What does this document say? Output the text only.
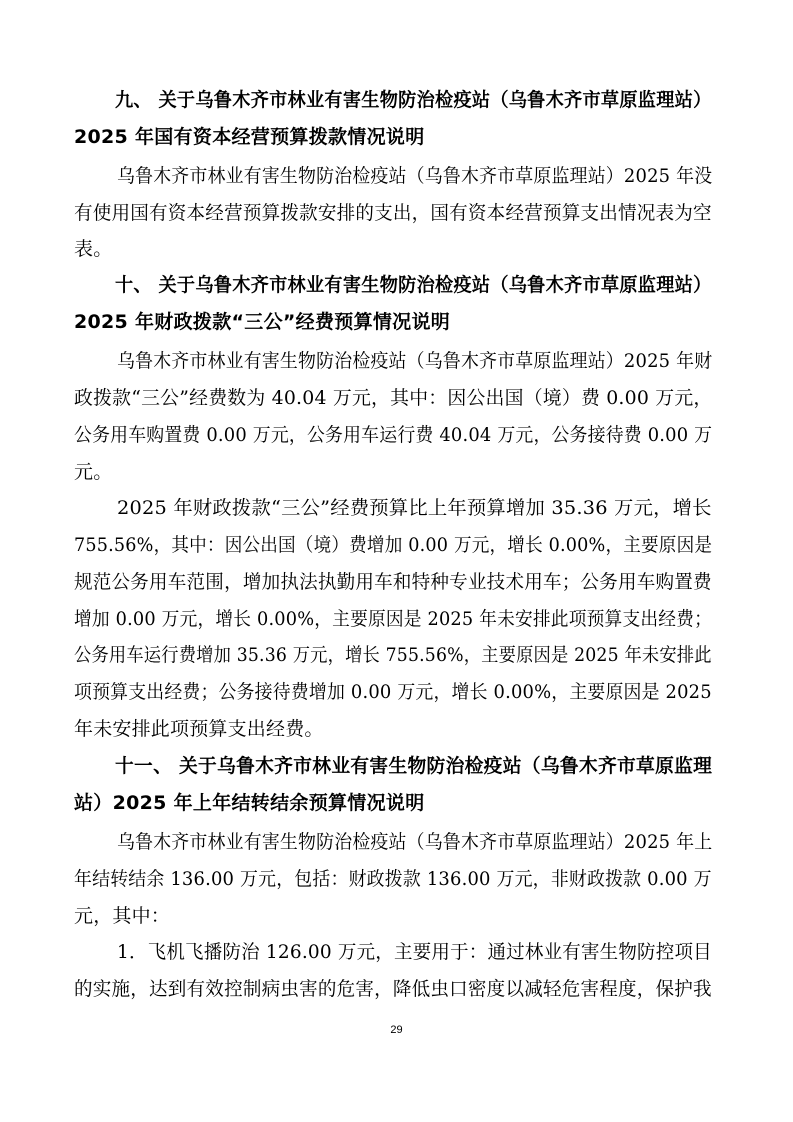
九、 关于乌鲁木齐市林业有害生物防治检疫站（乌鲁木齐市草原监理站）
2025 年国有资本经营预算拨款情况说明
乌鲁木齐市林业有害生物防治检疫站（乌鲁木齐市草原监理站）2025 年没
有使用国有资本经营预算拨款安排的支出，国有资本经营预算支出情况表为空
表。
十、 关于乌鲁木齐市林业有害生物防治检疫站（乌鲁木齐市草原监理站）
2025 年财政拨款“三公”经费预算情况说明
乌鲁木齐市林业有害生物防治检疫站（乌鲁木齐市草原监理站）2025 年财
政拨款“三公”经费数为 40.04 万元，其中：因公出国（境）费 0.00 万元，
公务用车购置费 0.00 万元，公务用车运行费 40.04 万元，公务接待费 0.00 万
元。
2025 年财政拨款“三公”经费预算比上年预算增加 35.36 万元，增长
755.56%，其中：因公出国（境）费增加 0.00 万元，增长 0.00%，主要原因是
规范公务用车范围，增加执法执勤用车和特种专业技术用车；公务用车购置费
增加 0.00 万元，增长 0.00%，主要原因是 2025 年未安排此项预算支出经费；
公务用车运行费增加 35.36 万元，增长 755.56%，主要原因是 2025 年未安排此
项预算支出经费；公务接待费增加 0.00 万元，增长 0.00%，主要原因是 2025
年未安排此项预算支出经费。
十一、 关于乌鲁木齐市林业有害生物防治检疫站（乌鲁木齐市草原监理
站）2025 年上年结转结余预算情况说明
乌鲁木齐市林业有害生物防治检疫站（乌鲁木齐市草原监理站）2025 年上
年结转结余 136.00 万元，包括：财政拨款 136.00 万元，非财政拨款 0.00 万
元，其中：
1．飞机飞播防治 126.00 万元，主要用于：通过林业有害生物防控项目
的实施，达到有效控制病虫害的危害，降低虫口密度以减轻危害程度，保护我
29
